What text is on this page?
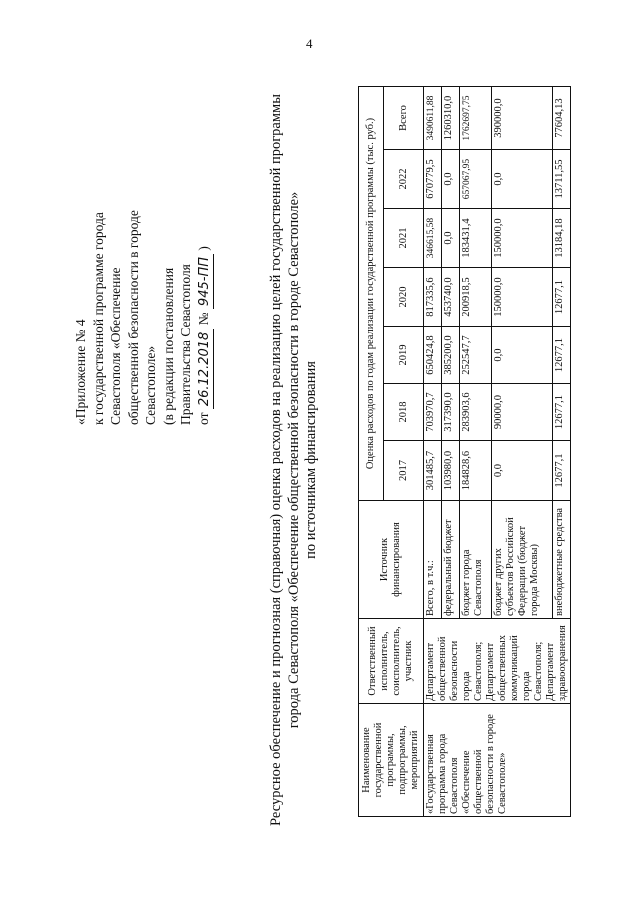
4
«Приложение № 4 к государственной программе города Севастополя «Обеспечение общественной безопасности в городе Севастополе» (в редакции постановления Правительства Севастополя от 26.12.2018 № 945-ПП )	Ресурсное обеспечение и прогнозная (справочная) оценка расходов на реализацию целей государственной программы города Севастополя «Обеспечение общественной безопасности в городе Севастополе» по источникам финансирования
Наименование государственной программы, подпрограммы, мероприятий	Ответственный исполнитель, соисполнитель, участник	Источник финансирования	Оценка расходов по годам реализации государственной программы (тыс. руб.)						
			2017	2018	2019	2020	2021	2022	Всего
«Государственная программа города Севастополя «Обеспечение общественной безопасности в городе Севастополе»	Департамент общественной безопасности города Севастополя; Департамент общественных коммуникаций города Севастополя; Департамент здравоохранения	Всего, в т.ч.:	301485,7	703970,7	650424,8	817335,6	346615,58	670779,5	3490611,88
		федеральный бюджет	103980,0	317390,0	385200,0	453740,0	0,0	0,0	1260310,0
		бюджет города Севастополя	184828,6	283903,6	252547,7	200918,5	183431,4	657067,95	1762697,75
		бюджет других субъектов Российской Федерации (бюджет города Москвы)	0,0	90000,0	0,0	150000,0	150000,0	0,0	390000,0
		внебюджетные средства	12677,1	12677,1	12677,1	12677,1	13184,18	13711,55	77604,13
